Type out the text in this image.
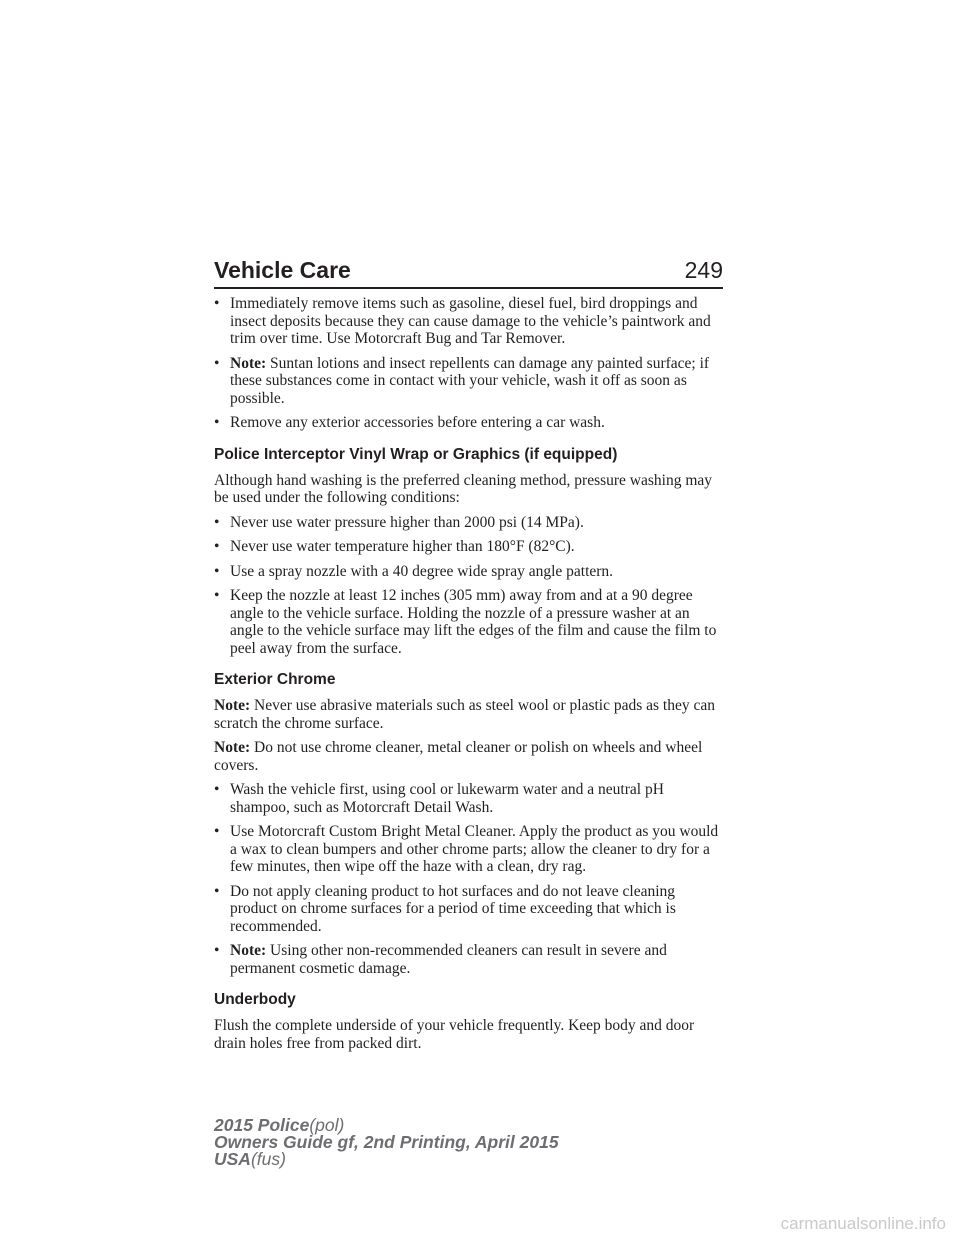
Vehicle Care	249
• Immediately remove items such as gasoline, diesel fuel, bird droppings and insect deposits because they can cause damage to the vehicle’s paintwork and trim over time. Use Motorcraft Bug and Tar Remover.
• Note: Suntan lotions and insect repellents can damage any painted surface; if these substances come in contact with your vehicle, wash it off as soon as possible.
• Remove any exterior accessories before entering a car wash.
Police Interceptor Vinyl Wrap or Graphics (if equipped)
Although hand washing is the preferred cleaning method, pressure washing may be used under the following conditions:
• Never use water pressure higher than 2000 psi (14 MPa).
• Never use water temperature higher than 180°F (82°C).
• Use a spray nozzle with a 40 degree wide spray angle pattern.
• Keep the nozzle at least 12 inches (305 mm) away from and at a 90 degree angle to the vehicle surface. Holding the nozzle of a pressure washer at an angle to the vehicle surface may lift the edges of the film and cause the film to peel away from the surface.
Exterior Chrome
Note: Never use abrasive materials such as steel wool or plastic pads as they can scratch the chrome surface.
Note: Do not use chrome cleaner, metal cleaner or polish on wheels and wheel covers.
• Wash the vehicle first, using cool or lukewarm water and a neutral pH shampoo, such as Motorcraft Detail Wash.
• Use Motorcraft Custom Bright Metal Cleaner. Apply the product as you would a wax to clean bumpers and other chrome parts; allow the cleaner to dry for a few minutes, then wipe off the haze with a clean, dry rag.
• Do not apply cleaning product to hot surfaces and do not leave cleaning product on chrome surfaces for a period of time exceeding that which is recommended.
• Note: Using other non-recommended cleaners can result in severe and permanent cosmetic damage.
Underbody
Flush the complete underside of your vehicle frequently. Keep body and door drain holes free from packed dirt.
2015 Police(pol)
Owners Guide gf, 2nd Printing, April 2015
USA(fus)
carmanualsonline.info
